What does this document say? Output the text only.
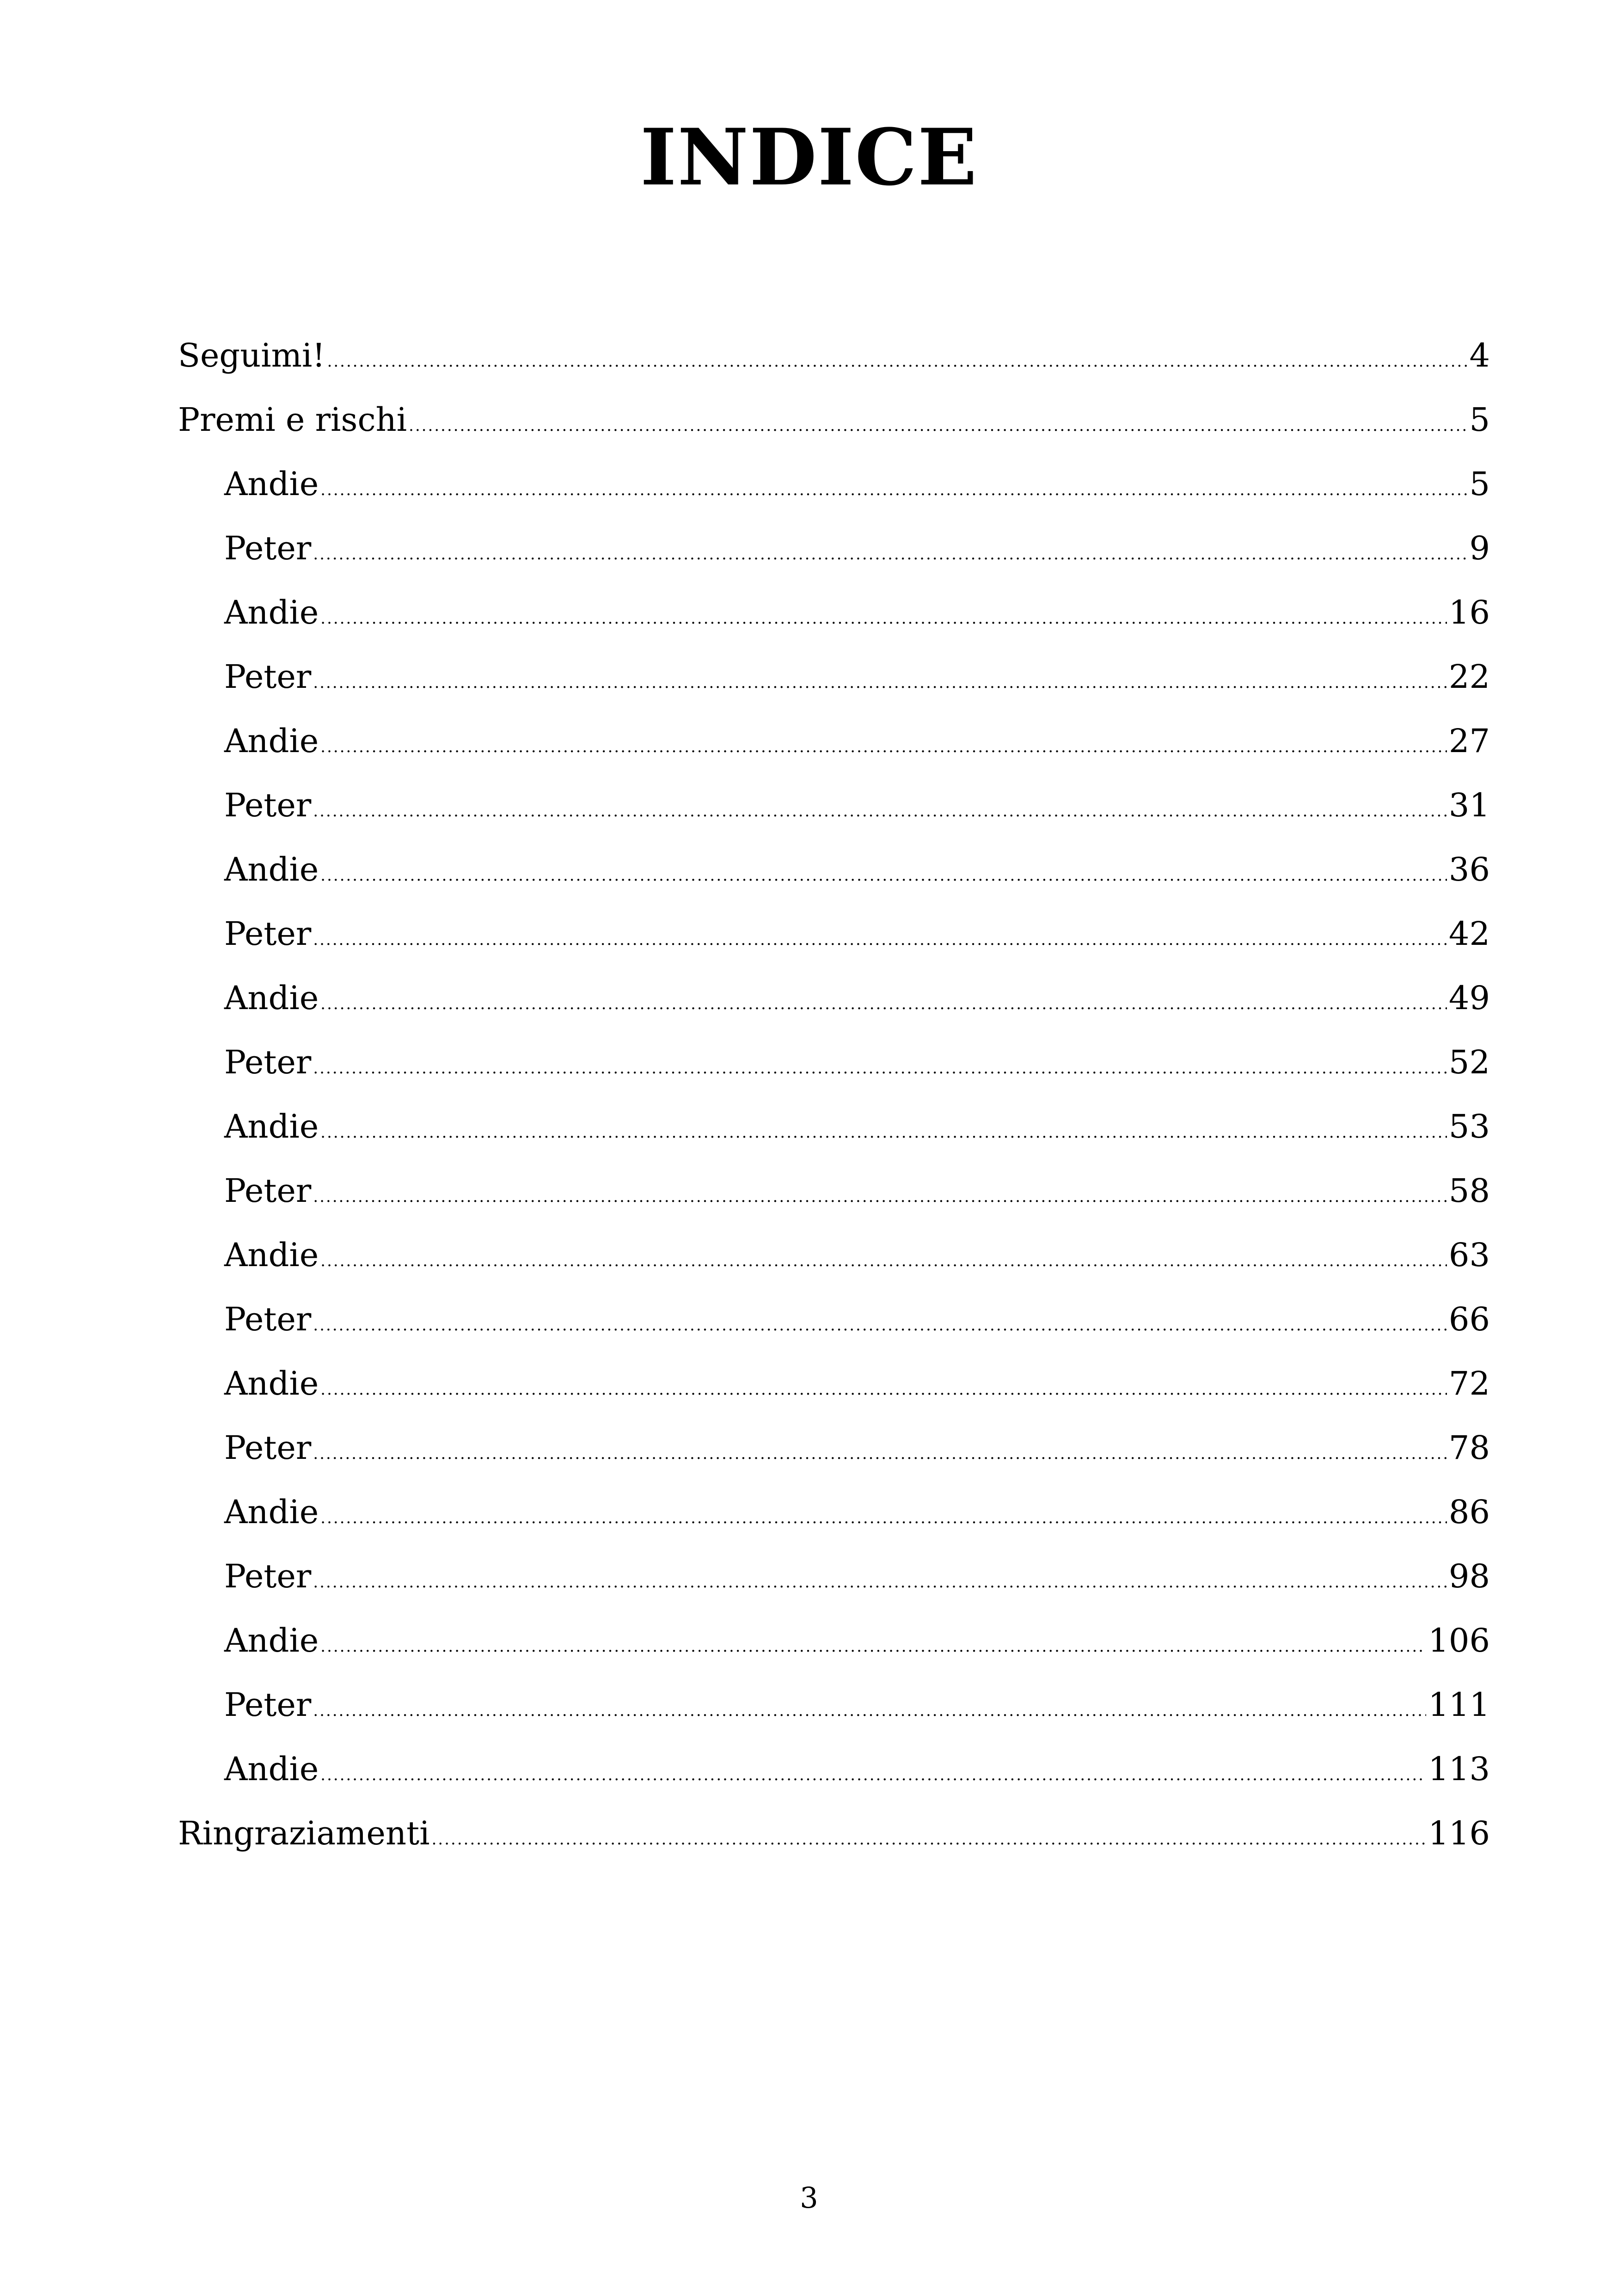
INDICE
Seguimi! .....	4
Premi e rischi .....	5
Andie .....	5
Peter .....	9
Andie .....	16
Peter .....	22
Andie .....	27
Peter .....	31
Andie .....	36
Peter .....	42
Andie .....	49
Peter .....	52
Andie .....	53
Peter .....	58
Andie .....	63
Peter .....	66
Andie .....	72
Peter .....	78
Andie .....	86
Peter .....	98
Andie .....	106
Peter .....	111
Andie .....	113
Ringraziamenti .....	116
3
